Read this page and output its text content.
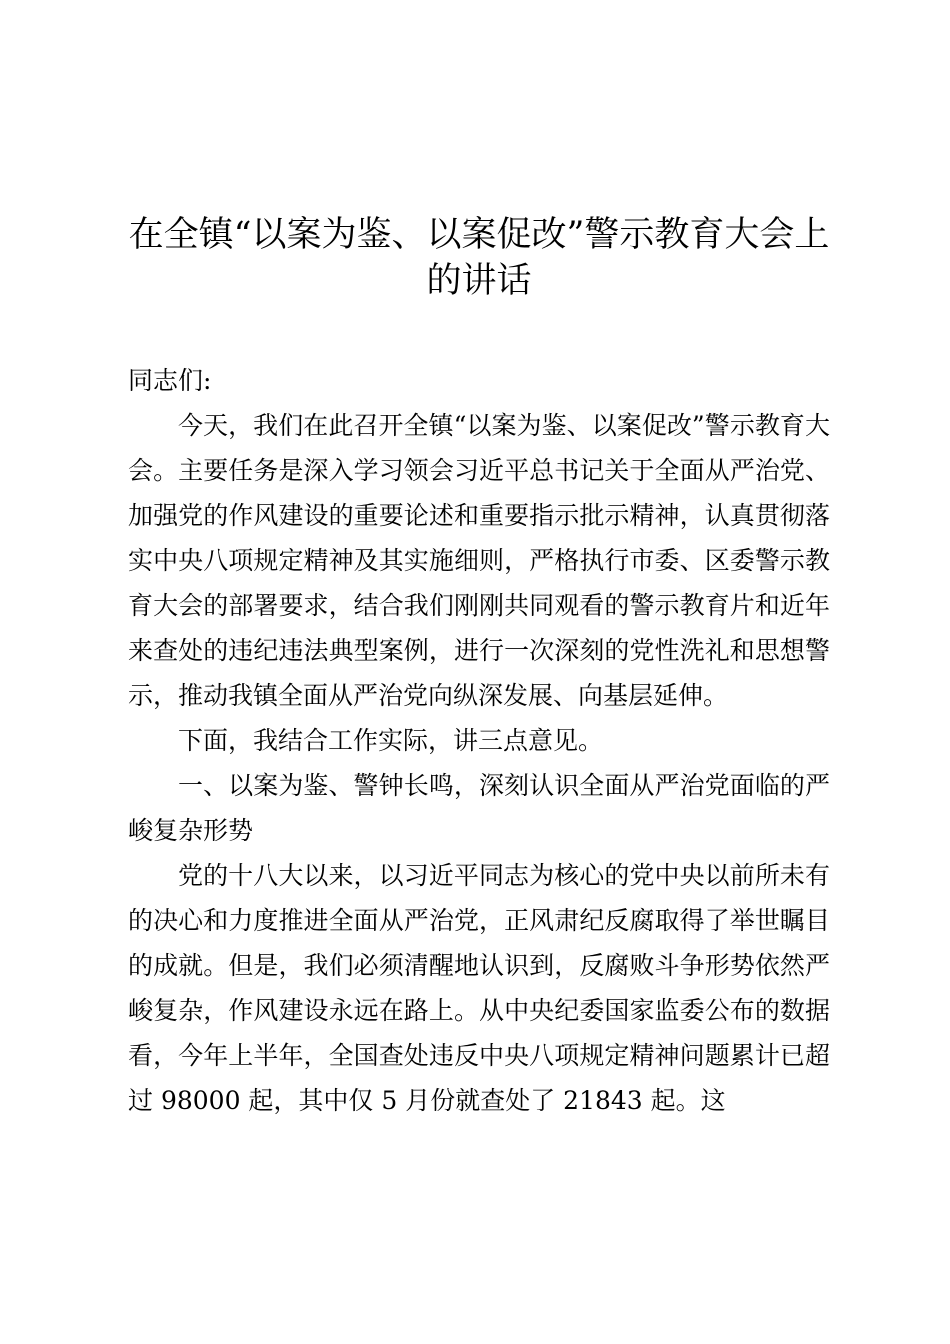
在全镇“以案为鉴、以案促改”警示教育大会上的讲话

同志们:

今天，我们在此召开全镇“以案为鉴、以案促改”警示教育大会。主要任务是深入学习领会习近平总书记关于全面从严治党、加强党的作风建设的重要论述和重要指示批示精神，认真贯彻落实中央八项规定精神及其实施细则，严格执行市委、区委警示教育大会的部署要求，结合我们刚刚共同观看的警示教育片和近年来查处的违纪违法典型案例，进行一次深刻的党性洗礼和思想警示，推动我镇全面从严治党向纵深发展、向基层延伸。

下面，我结合工作实际，讲三点意见。

一、以案为鉴、警钟长鸣，深刻认识全面从严治党面临的严峻复杂形势

党的十八大以来，以习近平同志为核心的党中央以前所未有的决心和力度推进全面从严治党，正风肃纪反腐取得了举世瞩目的成就。但是，我们必须清醒地认识到，反腐败斗争形势依然严峻复杂，作风建设永远在路上。从中央纪委国家监委公布的数据看，今年上半年，全国查处违反中央八项规定精神问题累计已超过 98000 起，其中仅 5 月份就查处了 21843 起。这
